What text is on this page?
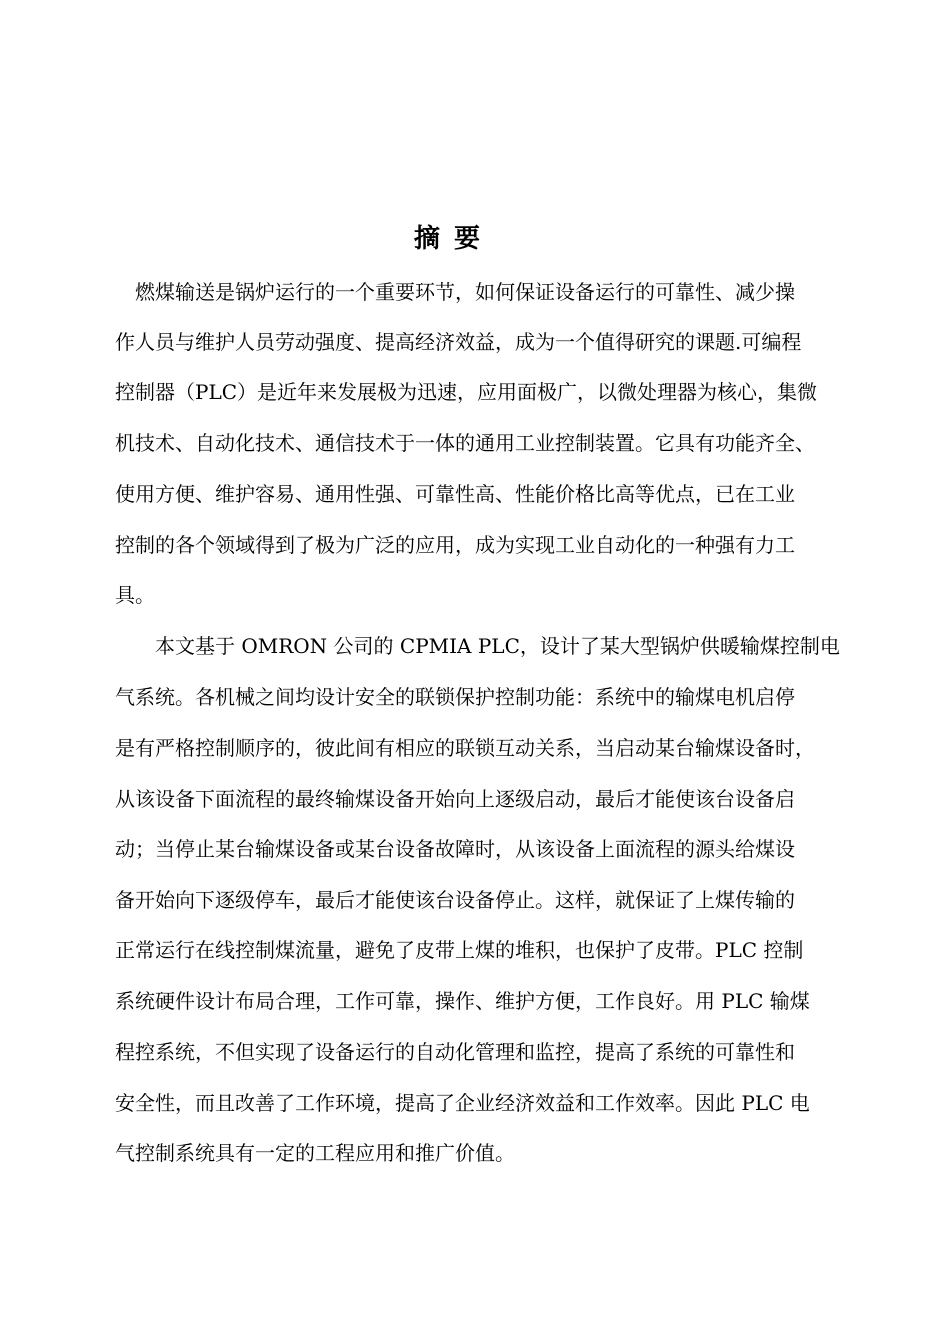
摘要
　燃煤输送是锅炉运行的一个重要环节，如何保证设备运行的可靠性、减少操
作人员与维护人员劳动强度、提高经济效益，成为一个值得研究的课题.可编程
控制器（PLC）是近年来发展极为迅速，应用面极广，以微处理器为核心，集微
机技术、自动化技术、通信技术于一体的通用工业控制装置。它具有功能齐全、
使用方便、维护容易、通用性强、可靠性高、性能价格比高等优点，已在工业
控制的各个领域得到了极为广泛的应用，成为实现工业自动化的一种强有力工
具。
　　本文基于 OMRON 公司的 CPMIA PLC，设计了某大型锅炉供暖输煤控制电
气系统。各机械之间均设计安全的联锁保护控制功能：系统中的输煤电机启停
是有严格控制顺序的，彼此间有相应的联锁互动关系，当启动某台输煤设备时，
从该设备下面流程的最终输煤设备开始向上逐级启动，最后才能使该台设备启
动；当停止某台输煤设备或某台设备故障时，从该设备上面流程的源头给煤设
备开始向下逐级停车，最后才能使该台设备停止。这样，就保证了上煤传输的
正常运行在线控制煤流量，避免了皮带上煤的堆积，也保护了皮带。PLC 控制
系统硬件设计布局合理，工作可靠，操作、维护方便，工作良好。用 PLC 输煤
程控系统，不但实现了设备运行的自动化管理和监控，提高了系统的可靠性和
安全性，而且改善了工作环境，提高了企业经济效益和工作效率。因此 PLC 电
气控制系统具有一定的工程应用和推广价值。
